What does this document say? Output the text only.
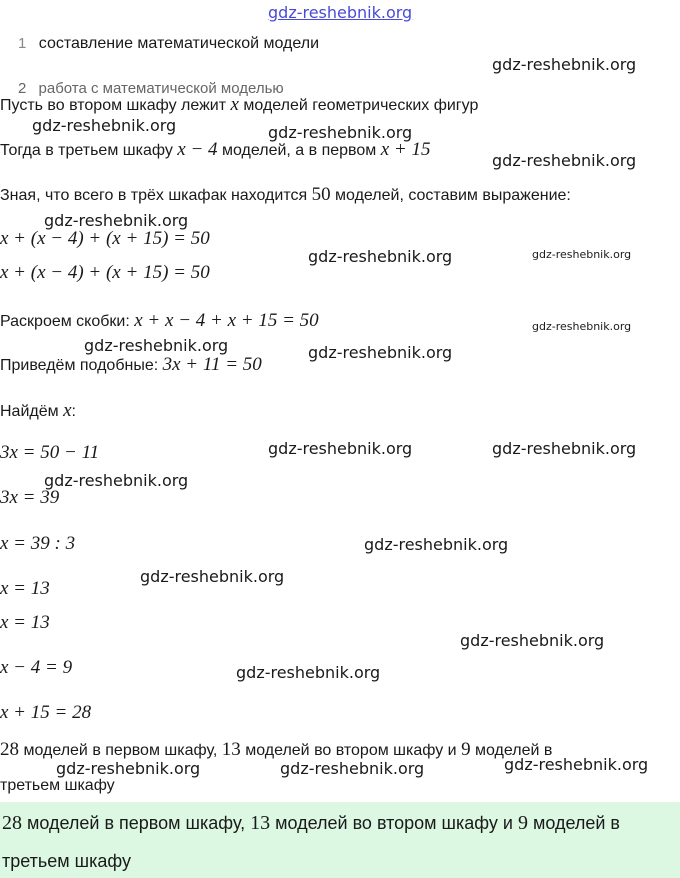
gdz-reshebnik.org
1 составление математической модели
2 работа с математической моделью
Пусть во втором шкафу лежит x моделей геометрических фигур
Тогда в третьем шкафу x − 4 моделей, а в первом x + 15
Зная, что всего в трёх шкафак находится 50 моделей, составим выражение:
x + (x − 4) + (x + 15) = 50
x + (x − 4) + (x + 15) = 50
Раскроем скобки: x + x − 4 + x + 15 = 50
Приведём подобные: 3x + 11 = 50
Найдём x:
3x = 50 − 11
3x = 39
x = 39 : 3
x = 13
x = 13
x − 4 = 9
x + 15 = 28
28 моделей в первом шкафу, 13 моделей во втором шкафу и 9 моделей в
третьем шкафу
28 моделей в первом шкафу, 13 моделей во втором шкафу и 9 моделей в
третьем шкафу
gdz-reshebnik.org
gdz-reshebnik.org	gdz-reshebnik.org
gdz-reshebnik.org
gdz-reshebnik.org
gdz-reshebnik.org	gdz-reshebnik.org
gdz-reshebnik.org
gdz-reshebnik.org	gdz-reshebnik.org
gdz-reshebnik.org	gdz-reshebnik.org
gdz-reshebnik.org
gdz-reshebnik.org
gdz-reshebnik.org
gdz-reshebnik.org
gdz-reshebnik.org
gdz-reshebnik.org	gdz-reshebnik.org	gdz-reshebnik.org
